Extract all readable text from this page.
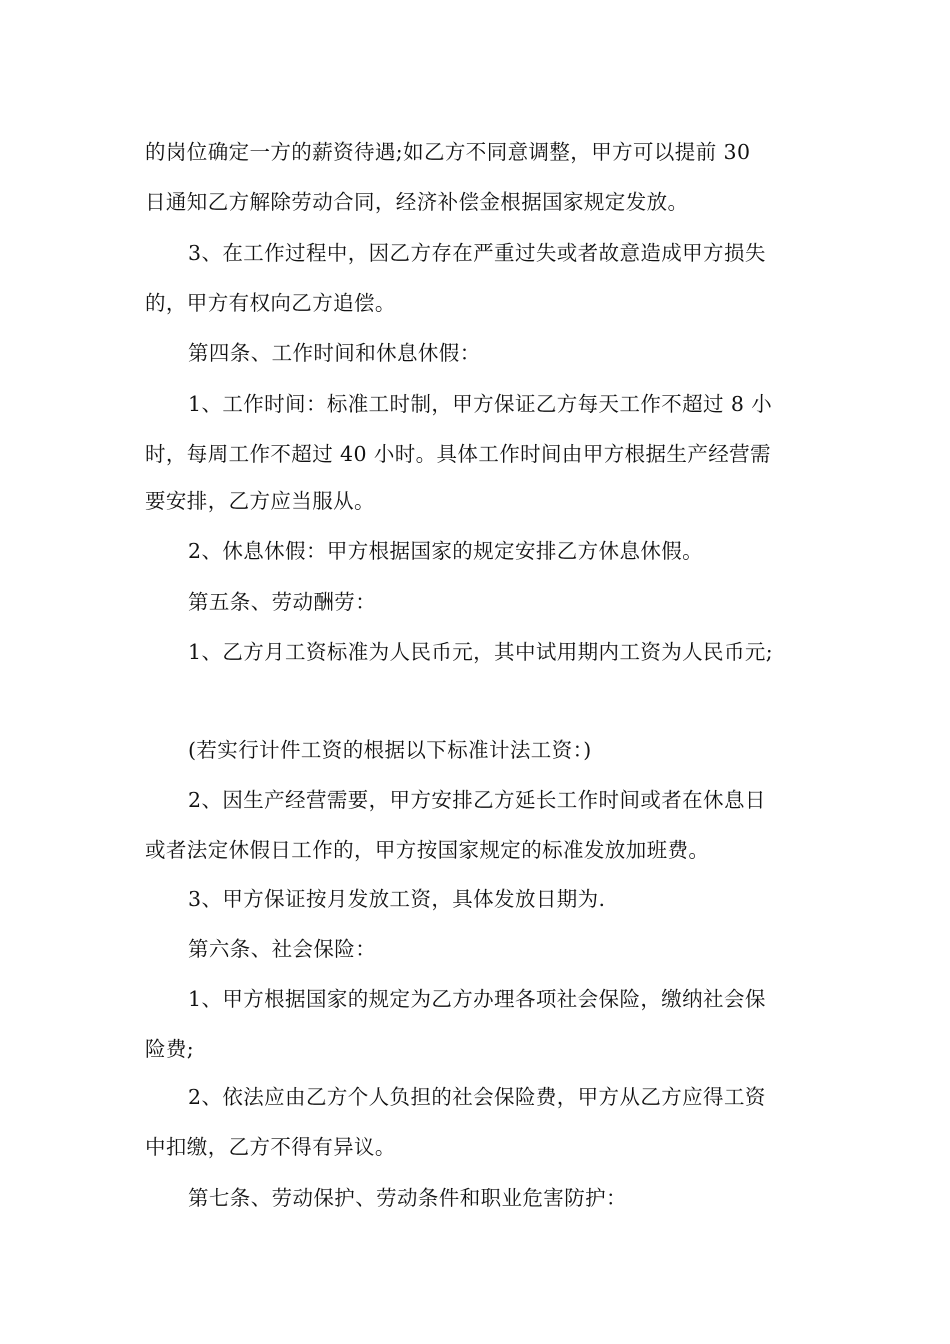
的岗位确定一方的薪资待遇;如乙方不同意调整，甲方可以提前 30
日通知乙方解除劳动合同，经济补偿金根据国家规定发放。
3、在工作过程中，因乙方存在严重过失或者故意造成甲方损失
的，甲方有权向乙方追偿。
第四条、工作时间和休息休假：
1、工作时间：标准工时制，甲方保证乙方每天工作不超过 8 小
时，每周工作不超过 40 小时。具体工作时间由甲方根据生产经营需
要安排，乙方应当服从。
2、休息休假：甲方根据国家的规定安排乙方休息休假。
第五条、劳动酬劳：
1、乙方月工资标准为人民币元，其中试用期内工资为人民币元;
(若实行计件工资的根据以下标准计法工资：)
2、因生产经营需要，甲方安排乙方延长工作时间或者在休息日
或者法定休假日工作的，甲方按国家规定的标准发放加班费。
3、甲方保证按月发放工资，具体发放日期为.
第六条、社会保险：
1、甲方根据国家的规定为乙方办理各项社会保险，缴纳社会保
险费;
2、依法应由乙方个人负担的社会保险费，甲方从乙方应得工资
中扣缴，乙方不得有异议。
第七条、劳动保护、劳动条件和职业危害防护：
